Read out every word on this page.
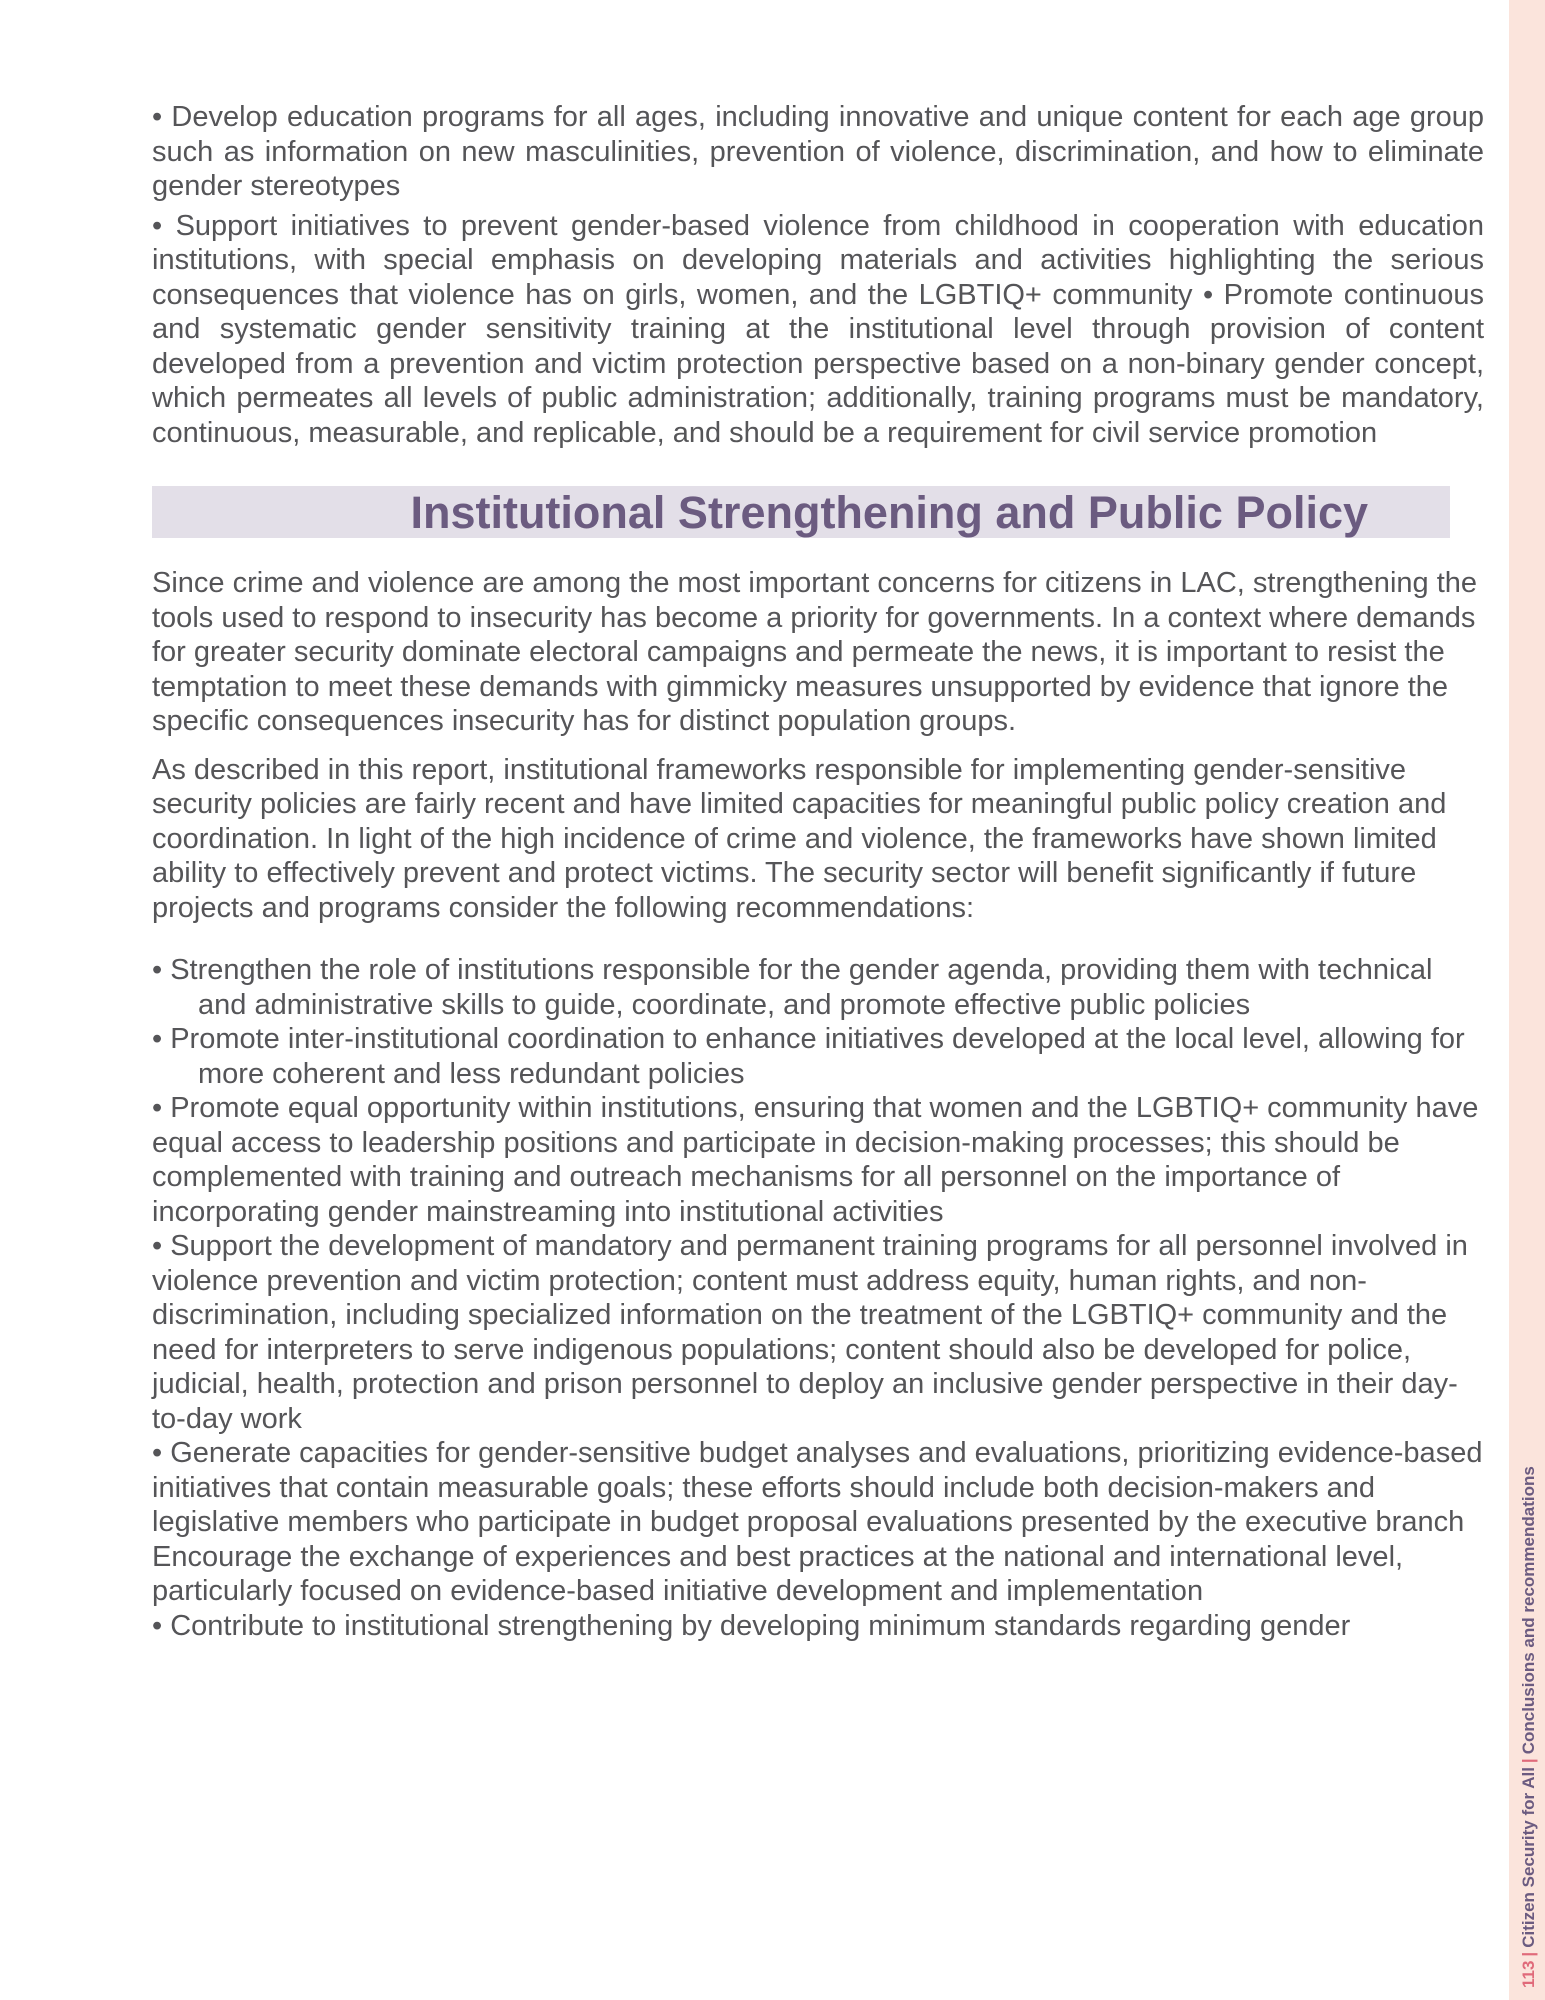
• Develop education programs for all ages, including innovative and unique content for each age group such as information on new masculinities, prevention of violence, discrimination, and how to eliminate gender stereotypes

• Support initiatives to prevent gender-based violence from childhood in cooperation with education institutions, with special emphasis on developing materials and activities highlighting the serious consequences that violence has on girls, women, and the LGBTIQ+ community • Promote continuous and systematic gender sensitivity training at the institutional level through provision of content developed from a prevention and victim protection perspective based on a non-binary gender concept, which permeates all levels of public administration; additionally, training programs must be mandatory, continuous, measurable, and replicable, and should be a requirement for civil service promotion

Institutional Strengthening and Public Policy

Since crime and violence are among the most important concerns for citizens in LAC, strengthening the tools used to respond to insecurity has become a priority for governments. In a context where demands for greater security dominate electoral campaigns and permeate the news, it is important to resist the temptation to meet these demands with gimmicky measures unsupported by evidence that ignore the specific consequences insecurity has for distinct population groups.

As described in this report, institutional frameworks responsible for implementing gender-sensitive security policies are fairly recent and have limited capacities for meaningful public policy creation and coordination. In light of the high incidence of crime and violence, the frameworks have shown limited ability to effectively prevent and protect victims. The security sector will benefit significantly if future projects and programs consider the following recommendations:

• Strengthen the role of institutions responsible for the gender agenda, providing them with technical and administrative skills to guide, coordinate, and promote effective public policies

• Promote inter-institutional coordination to enhance initiatives developed at the local level, allowing for more coherent and less redundant policies

• Promote equal opportunity within institutions, ensuring that women and the LGBTIQ+ community have equal access to leadership positions and participate in decision-making processes; this should be complemented with training and outreach mechanisms for all personnel on the importance of incorporating gender mainstreaming into institutional activities

• Support the development of mandatory and permanent training programs for all personnel involved in violence prevention and victim protection; content must address equity, human rights, and non-discrimination, including specialized information on the treatment of the LGBTIQ+ community and the need for interpreters to serve indigenous populations; content should also be developed for police, judicial, health, protection and prison personnel to deploy an inclusive gender perspective in their day-to-day work

• Generate capacities for gender-sensitive budget analyses and evaluations, prioritizing evidence-based initiatives that contain measurable goals; these efforts should include both decision-makers and legislative members who participate in budget proposal evaluations presented by the executive branch

Encourage the exchange of experiences and best practices at the national and international level, particularly focused on evidence-based initiative development and implementation

• Contribute to institutional strengthening by developing minimum standards regarding gender

113|Citizen Security for All|Conclusions and recommendations
